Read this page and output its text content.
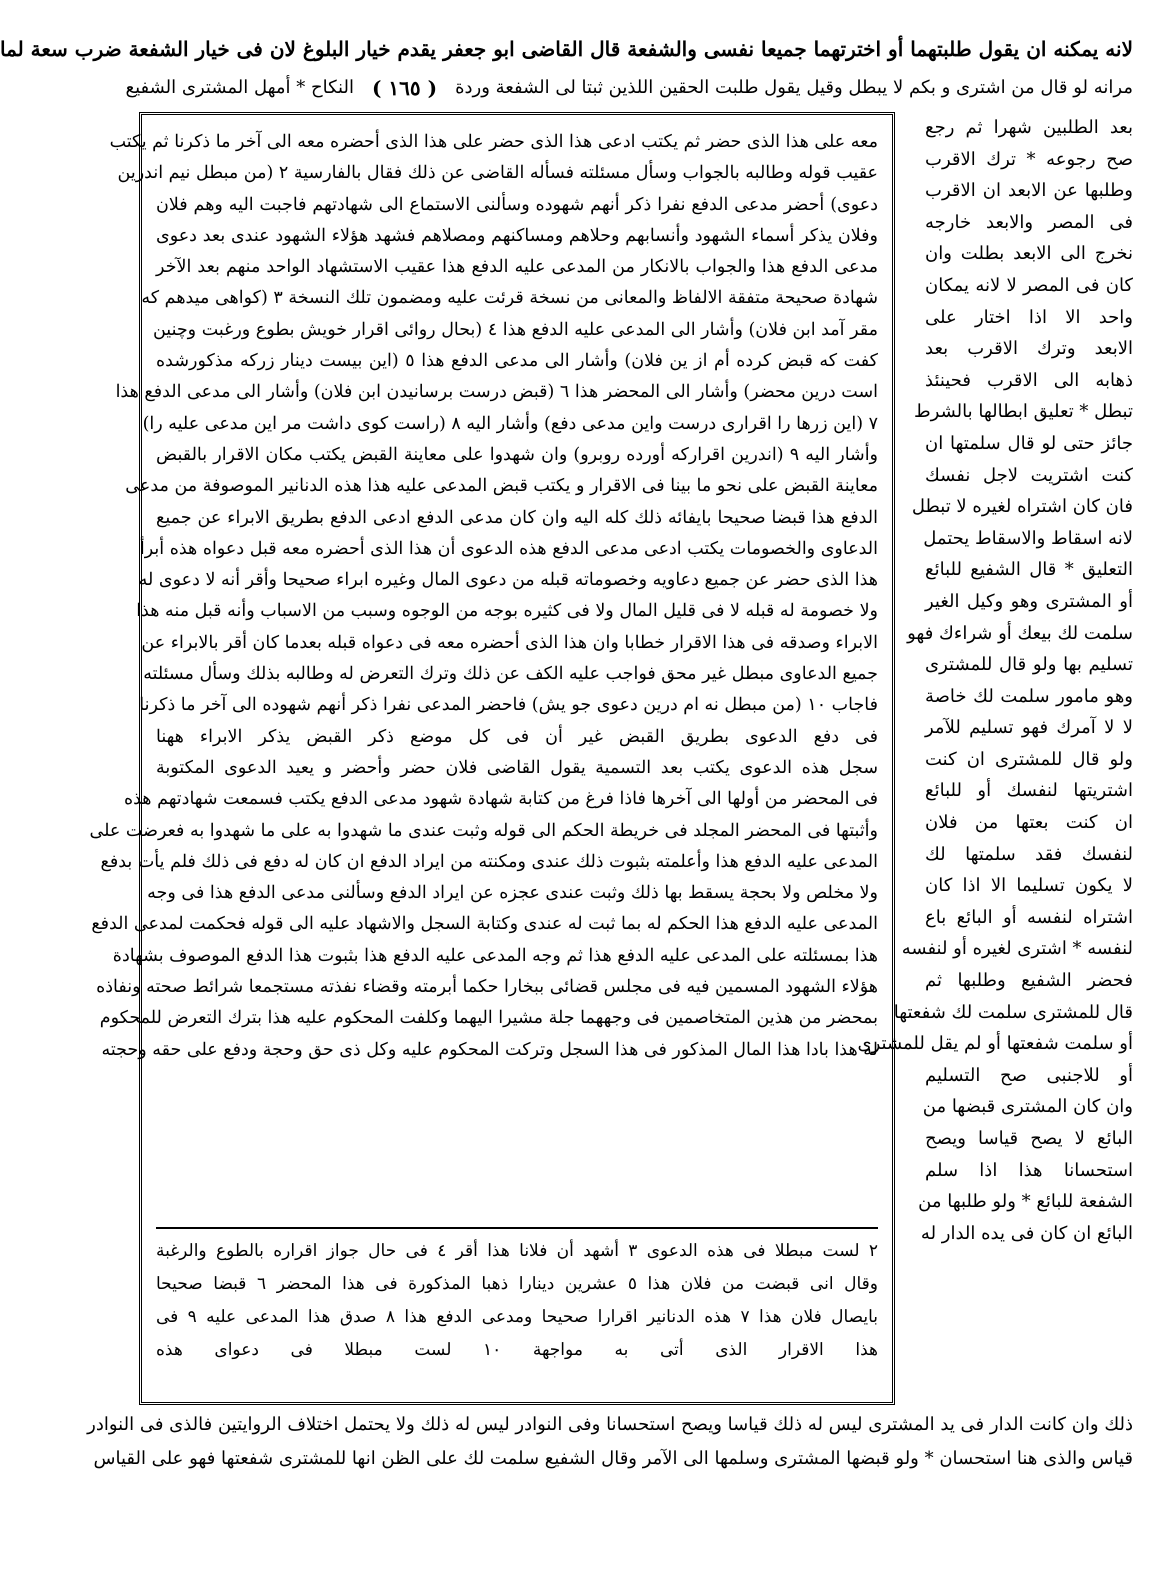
لانه يمكنه ان يقول طلبتهما أو اخترتهما جميعا نفسى والشفعة قال القاضى ابو جعفر يقدم خيار البلوغ لان فى خيار الشفعة ضرب سعة لما
مرانه لو قال من اشترى و بكم لا يبطل وقيل يقول طلبت الحقين اللذين ثبتا لى الشفعة وردة
( ١٦٥ )
النكاح * أمهل المشترى الشفيع
بعد الطلبين شهرا ثم رجع
صح رجوعه * ترك الاقرب
وطلبها عن الابعد ان الاقرب
فى المصر والابعد خارجه
نخرج الى الابعد بطلت وان
كان فى المصر لا لانه يمكان
واحد الا اذا اختار على
الابعد وترك الاقرب بعد
ذهابه الى الاقرب فحينئذ
تبطل * تعليق ابطالها بالشرط
جائز حتى لو قال سلمتها ان
كنت اشتريت لاجل نفسك
فان كان اشتراه لغيره لا تبطل
لانه اسقاط والاسقاط يحتمل
التعليق * قال الشفيع للبائع
أو المشترى وهو وكيل الغير
سلمت لك بيعك أو شراءك فهو
تسليم بها ولو قال للمشترى
وهو مامور سلمت لك خاصة
لا لا آمرك فهو تسليم للآمر
ولو قال للمشترى ان كنت
اشتريتها لنفسك أو للبائع
ان كنت بعتها من فلان
لنفسك فقد سلمتها لك
لا يكون تسليما الا اذا كان
اشتراه لنفسه أو البائع باع
لنفسه * اشترى لغيره أو لنفسه
فحضر الشفيع وطلبها ثم
قال للمشترى سلمت لك شفعتها
أو سلمت شفعتها أو لم يقل للمشترى
أو للاجنبى صح التسليم
وان كان المشترى قبضها من
البائع لا يصح قياسا ويصح
استحسانا هذا اذا سلم
الشفعة للبائع * ولو طلبها من
البائع ان كان فى يده الدار له
معه على هذا الذى حضر ثم يكتب ادعى هذا الذى حضر على هذا الذى أحضره معه الى آخر ما ذكرنا ثم يكتب
عقيب قوله وطالبه بالجواب وسأل مسئلته فسأله القاضى عن ذلك فقال بالفارسية ٢ (من مبطل نيم اندرين
دعوى) أحضر مدعى الدفع نفرا ذكر أنهم شهوده وسألنى الاستماع الى شهادتهم فاجبت اليه وهم فلان
وفلان يذكر أسماء الشهود وأنسابهم وحلاهم ومساكنهم ومصلاهم فشهد هؤلاء الشهود عندى بعد دعوى
مدعى الدفع هذا والجواب بالانكار من المدعى عليه الدفع هذا عقيب الاستشهاد الواحد منهم بعد الآخر
شهادة صحيحة متفقة الالفاظ والمعانى من نسخة قرئت عليه ومضمون تلك النسخة ٣ (كواهى ميدهم كه
مقر آمد ابن فلان) وأشار الى المدعى عليه الدفع هذا ٤ (بحال روائى اقرار خويش بطوع ورغبت وچنين
كفت كه قبض كرده أم از ين فلان) وأشار الى مدعى الدفع هذا ٥ (اين بيست دينار زركه مذكورشده
است درين محضر) وأشار الى المحضر هذا ٦ (قبض درست برسانيدن ابن فلان) وأشار الى مدعى الدفع هذا
٧ (اين زرها را اقرارى درست واين مدعى دفع) وأشار اليه ٨ (راست كوى داشت مر اين مدعى عليه را)
وأشار اليه ٩ (اندرين اقراركه أورده روبرو) وان شهدوا على معاينة القبض يكتب مكان الاقرار بالقبض
معاينة القبض على نحو ما بينا فى الاقرار و يكتب قبض المدعى عليه هذا هذه الدنانير الموصوفة من مدعى
الدفع هذا قبضا صحيحا بايفائه ذلك كله اليه وان كان مدعى الدفع ادعى الدفع بطريق الابراء عن جميع
الدعاوى والخصومات يكتب ادعى مدعى الدفع هذه الدعوى أن هذا الذى أحضره معه قبل دعواه هذه أبرأ
هذا الذى حضر عن جميع دعاويه وخصوماته قبله من دعوى المال وغيره ابراء صحيحا وأقر أنه لا دعوى له
ولا خصومة له قبله لا فى قليل المال ولا فى كثيره بوجه من الوجوه وسبب من الاسباب وأنه قبل منه هذا
الابراء وصدقه فى هذا الاقرار خطابا وان هذا الذى أحضره معه فى دعواه قبله بعدما كان أقر بالابراء عن
جميع الدعاوى مبطل غير محق فواجب عليه الكف عن ذلك وترك التعرض له وطالبه بذلك وسأل مسئلته
فاجاب ١٠ (من مبطل نه ام درين دعوى جو يش) فاحضر المدعى نفرا ذكر أنهم شهوده الى آخر ما ذكرنا
فى دفع الدعوى بطريق القبض غير أن فى كل موضع ذكر القبض يذكر الابراء ههنا
سجل هذه الدعوى يكتب بعد التسمية يقول القاضى فلان حضر وأحضر و يعيد الدعوى المكتوبة
فى المحضر من أولها الى آخرها فاذا فرغ من كتابة شهادة شهود مدعى الدفع يكتب فسمعت شهادتهم هذه
وأثبتها فى المحضر المجلد فى خريطة الحكم الى قوله وثبت عندى ما شهدوا به على ما شهدوا به فعرضت على
المدعى عليه الدفع هذا وأعلمته بثبوت ذلك عندى ومكنته من ايراد الدفع ان كان له دفع فى ذلك فلم يأت بدفع
ولا مخلص ولا بحجة يسقط بها ذلك وثبت عندى عجزه عن ايراد الدفع وسألنى مدعى الدفع هذا فى وجه
المدعى عليه الدفع هذا الحكم له بما ثبت له عندى وكتابة السجل والاشهاد عليه الى قوله فحكمت لمدعى الدفع
هذا بمسئلته على المدعى عليه الدفع هذا ثم وجه المدعى عليه الدفع هذا بثبوت هذا الدفع الموصوف بشهادة
هؤلاء الشهود المسمين فيه فى مجلس قضائى ببخارا حكما أبرمته وقضاء نفذته مستجمعا شرائط صحته ونفاذه
بمحضر من هذين المتخاصمين فى وجههما جلة مشيرا اليهما وكلفت المحكوم عليه هذا بترك التعرض للمحكوم
له هذا بادا هذا المال المذكور فى هذا السجل وتركت المحكوم عليه وكل ذى حق وحجة ودفع على حقه وحجته
٢ لست مبطلا فى هذه الدعوى ٣ أشهد أن فلانا هذا أقر ٤ فى حال جواز اقراره بالطوع والرغبة
وقال انى قبضت من فلان هذا ٥ عشرين دينارا ذهبا المذكورة فى هذا المحضر ٦ قبضا صحيحا
بايصال فلان هذا ٧ هذه الدنانير اقرارا صحيحا ومدعى الدفع هذا ٨ صدق هذا المدعى عليه ٩ فى
هذا الاقرار الذى أتى به مواجهة ١٠ لست مبطلا فى دعواى هذه
ذلك وان كانت الدار فى يد المشترى ليس له ذلك قياسا ويصح استحسانا وفى النوادر ليس له ذلك ولا يحتمل اختلاف الروايتين فالذى فى النوادر
قياس والذى هنا استحسان * ولو قبضها المشترى وسلمها الى الآمر وقال الشفيع سلمت لك على الظن انها للمشترى شفعتها فهو على القياس
